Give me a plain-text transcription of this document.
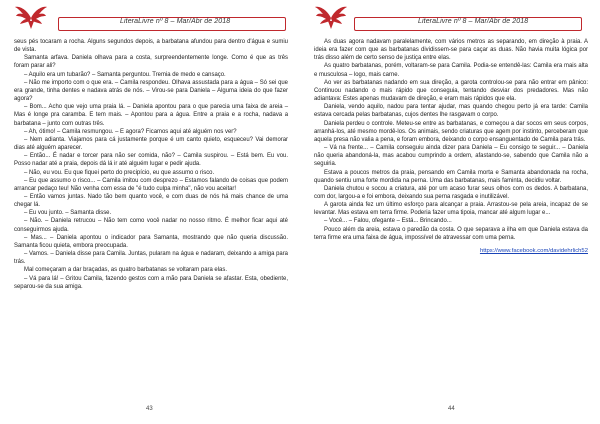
LiteraLivre nº 8 – Mar/Abr de 2018

seus pés tocaram a rocha. Alguns segundos depois, a barbatana afundou para dentro d'água e sumiu de vista.

Samanta arfava. Daniela olhava para a costa, surpreendentemente longe. Como é que as três foram parar ali?

– Aquilo era um tubarão? – Samanta perguntou. Tremia de medo e cansaço.

– Não me importo com o que era. – Camila respondeu. Olhava assustada para a água – Só sei que era grande, tinha dentes e nadava atrás de nós. – Virou-se para Daniela – Alguma ideia do que fazer agora?

– Bom... Acho que vejo uma praia lá. – Daniela apontou para o que parecia uma faixa de areia – Mas é longe pra caramba. E tem mais. – Apontou para a água. Entre a praia e a rocha, nadava a barbatana – junto com outras três.

– Ah, ótimo! – Camila resmungou. – E agora? Ficamos aqui até alguém nos ver?

– Nem adianta. Viajamos para cá justamente porque é um canto quieto, esqueceu? Vai demorar dias até alguém aparecer.

– Então... É nadar e torcer para não ser comida, não? – Camila suspirou. – Está bem. Eu vou. Posso nadar até a praia, depois dá lá ir até alguém lugar e pedir ajuda.

– Não, eu vou. Eu que fiquei perto do precipício, eu que assumo o risco.

– Eu que assumo o risco... – Camila imitou com desprezo – Estamos falando de coisas que podem arrancar pedaço teu! Não venha com essa de "é tudo culpa minha", não vou aceitar!

– Então vamos juntas. Nado tão bem quanto você, e com duas de nós há mais chance de uma chegar lá.

– Eu vou junto. – Samanta disse.

– Não. – Daniela retrucou – Não tem como você nadar no nosso ritmo. É melhor ficar aqui até conseguirmos ajuda.

– Mas... – Daniela apontou o indicador para Samanta, mostrando que não queria discussão. Samanta ficou quieta, embora preocupada.

– Vamos. – Daniela disse para Camila. Juntas, pularam na água e nadaram, deixando a amiga para trás.

Mal começaram a dar braçadas, as quatro barbatanas se voltaram para elas.

– Vá para lá! – Gritou Camila, fazendo gestos com a mão para Daniela se afastar. Esta, obediente, separou-se da sua amiga.

43
LiteraLivre nº 8 – Mar/Abr de 2018

As duas agora nadavam paralelamente, com vários metros as separando, em direção à praia. A ideia era fazer com que as barbatanas dividissem-se para caçar as duas. Não havia muita lógica por trás disso além de certo senso de justiça entre elas.

As quatro barbatanas, porém, voltaram-se para Camila. Podia-se entendê-las: Camila era mais alta e musculosa – logo, mais carne.

Ao ver as barbatanas nadando em sua direção, a garota controlou-se para não entrar em pânico: Continuou nadando o mais rápido que conseguia, tentando desviar dos predadores. Mas não adiantava: Estes apenas mudavam de direção, e eram mais rápidos que ela.

Daniela, vendo aquilo, nadou para tentar ajudar, mas quando chegou perto já era tarde: Camila estava cercada pelas barbatanas, cujos dentes lhe rasgavam o corpo.

Daniela perdeu o controle. Meteu-se entre as barbatanas, e começou a dar socos em seus corpos, arranhá-los, até mesmo mordê-los. Os animais, sendo criaturas que agem por instinto, perceberam que aquela presa não valia a pena, e foram embora, deixando o corpo ensanguentado de Camila para trás.

– Vá na frente... – Camila conseguiu ainda dizer para Daniela – Eu consigo te seguir... – Daniela não queria abandoná-la, mas acabou cumprindo a ordem, afastando-se, sabendo que Camila não a seguiria.

Estava a poucos metros da praia, pensando em Camila morta e Samanta abandonada na rocha, quando sentiu uma forte mordida na perna. Uma das barbatanas, mais faminta, decidiu voltar.

Daniela chutou e socou a criatura, até por um acaso furar seus olhos com os dedos. A barbatana, com dor, largou-a e foi embora, deixando sua perna rasgada e inutilizável.

A garota ainda fez um último esforço para alcançar a praia. Arrastou-se pela areia, incapaz de se levantar. Mas estava em terra firme. Poderia fazer uma tipoia, mancar até algum lugar e...

– Você... – Falou, ofegante – Está... Brincando...

Pouco além da areia, estava o paredão da costa. O que separava a ilha em que Daniela estava da terra firme era uma faixa de água, impossível de atravessar com uma perna.

https://www.facebook.com/davidehrlich52
44
